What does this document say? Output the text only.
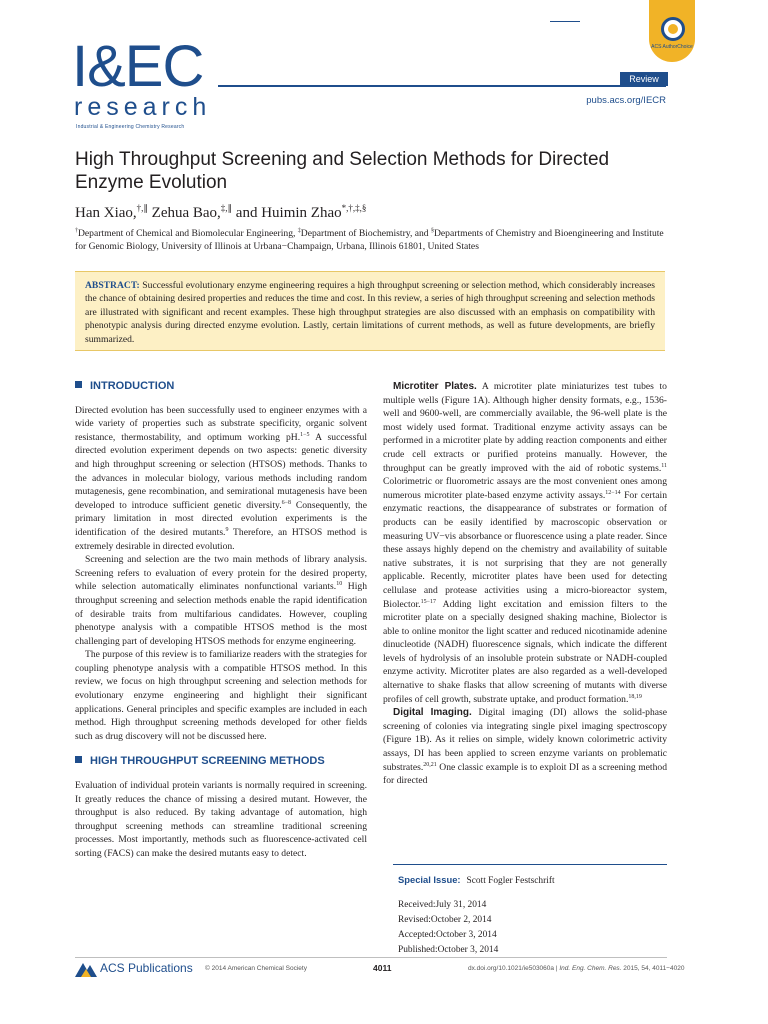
I&EC
research
Industrial & Engineering Chemistry Research
ACS AuthorChoice
Review
pubs.acs.org/IECR
High Throughput Screening and Selection Methods for Directed Enzyme Evolution
Han Xiao,†,∥ Zehua Bao,‡,∥ and Huimin Zhao*,†,‡,§
†Department of Chemical and Biomolecular Engineering, ‡Department of Biochemistry, and §Departments of Chemistry and Bioengineering and Institute for Genomic Biology, University of Illinois at Urbana−Champaign, Urbana, Illinois 61801, United States
ABSTRACT: Successful evolutionary enzyme engineering requires a high throughput screening or selection method, which considerably increases the chance of obtaining desired properties and reduces the time and cost. In this review, a series of high throughput screening and selection methods are illustrated with significant and recent examples. These high throughput strategies are also discussed with an emphasis on compatibility with phenotypic analysis during directed enzyme evolution. Lastly, certain limitations of current methods, as well as future developments, are briefly summarized.
INTRODUCTION

Directed evolution has been successfully used to engineer enzymes with a wide variety of properties such as substrate specificity, organic solvent resistance, thermostability, and optimum working pH.$^{1-5}$ A successful directed evolution experiment depends on two aspects: genetic diversity and high throughput screening or selection (HTSOS) methods. Thanks to the advances in molecular biology, various methods including random mutagenesis, gene recombination, and semirational mutagenesis have been developed to introduce sufficient genetic diversity.$^{6-8}$ Consequently, the primary limitation in most directed evolution experiments is the identification of the desired mutants.$^9$ Therefore, an HTSOS method is extremely desirable in directed evolution.

Screening and selection are the two main methods of library analysis. Screening refers to evaluation of every protein for the desired property, while selection automatically eliminates nonfunctional variants.$^{10}$ High throughput screening and selection methods enable the rapid identification of desirable traits from multifarious candidates. However, coupling phenotype analysis with a compatible HTSOS method is the most challenging part of developing HTSOS methods for enzyme engineering.

The purpose of this review is to familiarize readers with the strategies for coupling phenotype analysis with a compatible HTSOS method. In this review, we focus on high throughput screening and selection methods for evolutionary enzyme engineering and highlight their significant applications. General principles and specific examples are included in each method. High throughput screening methods developed for other fields such as drug discovery will not be discussed here.

HIGH THROUGHPUT SCREENING METHODS

Evaluation of individual protein variants is normally required in screening. It greatly reduces the chance of missing a desired mutant. However, the throughput is also reduced. By taking advantage of automation, high throughput screening methods can streamline traditional screening processes. Most importantly, methods such as fluorescence-activated cell sorting (FACS) can make the desired mutants easy to detect.

Microtiter Plates. A microtiter plate miniaturizes test tubes to multiple wells (Figure 1A). Although higher density formats, e.g., 1536-well and 9600-well, are commercially available, the 96-well plate is the most widely used format. Traditional enzyme activity assays can be performed in a microtiter plate by adding reaction components and either crude cell extracts or purified proteins manually. However, the throughput can be greatly improved with the aid of robotic systems.$^{11}$ Colorimetric or fluorometric assays are the most convenient ones among numerous microtiter plate-based enzyme activity assays.$^{12-14}$ For certain enzymatic reactions, the disappearance of substrates or formation of products can be easily identified by macroscopic observation or measuring UV−vis absorbance or fluorescence using a plate reader. Since these assays highly depend on the chemistry and availability of suitable native substrates, it is not surprising that they are not generally applicable. Recently, microtiter plates have been used for detecting cellulase and protease activities using a micro-bioreactor system, Biolector.$^{15-17}$ Adding light excitation and emission filters to the microtiter plate on a specially designed shaking machine, Biolector is able to online monitor the light scatter and reduced nicotinamide adenine dinucleotide (NADH) fluorescence signals, which indicate the different levels of hydrolysis of an insoluble protein substrate or NADH-coupled enzyme activity. Microtiter plates are also regarded as a well-developed alternative to shake flasks that allow screening of mutants with diverse profiles of cell growth, substrate uptake, and product formation.$^{18,19}$

Digital Imaging. Digital imaging (DI) allows the solid-phase screening of colonies via integrating single pixel imaging spectroscopy (Figure 1B). As it relies on simple, widely known colorimetric activity assays, DI has been applied to screen enzyme variants on problematic substrates.$^{20,21}$ One classic example is to exploit DI as a screening method for directed

Special Issue: Scott Fogler Festschrift
Received:July 31, 2014
Revised:October 2, 2014
Accepted:October 3, 2014
Published:October 3, 2014
ACS Publications © 2014 American Chemical Society	4011	dx.doi.org/10.1021/ie503060a | Ind. Eng. Chem. Res. 2015, 54, 4011−4020
